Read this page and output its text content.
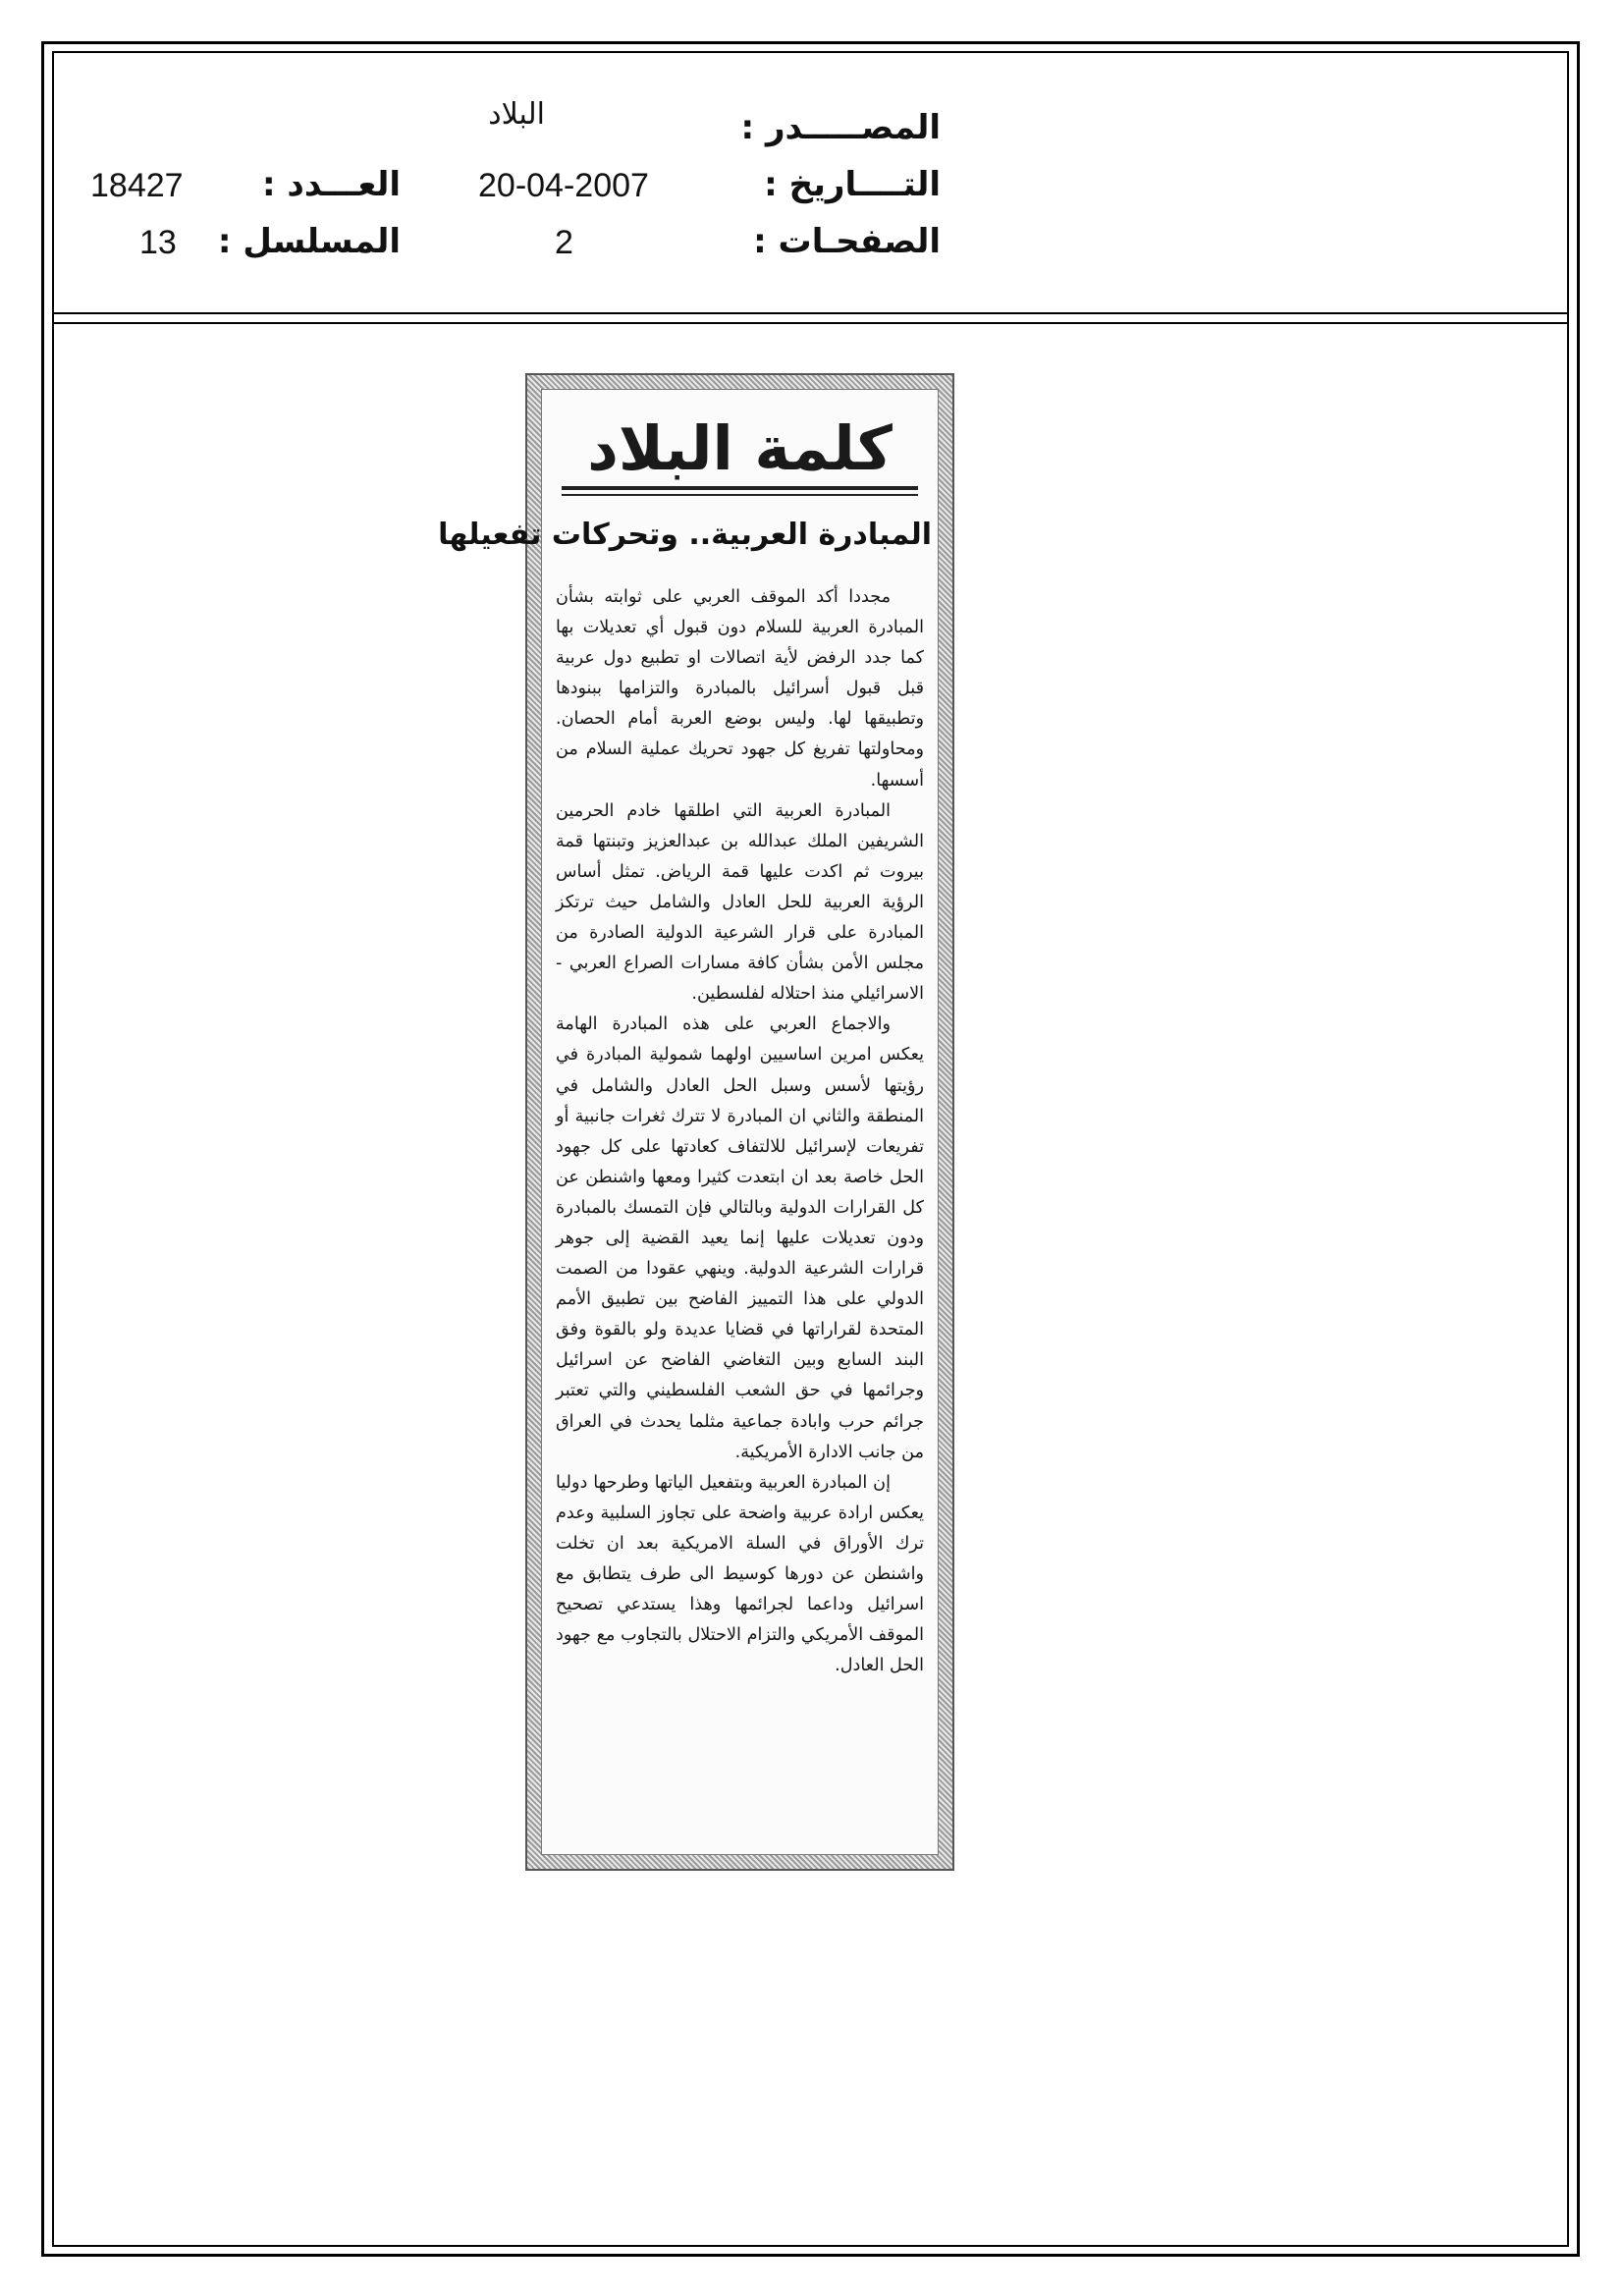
المصـــــدر :
البلاد
التــــاريخ :
20-04-2007
العـــدد :
18427
الصفحـات :
2
المسلسل :
13
كلمة البلاد
المبادرة العربية.. وتحركات تفعيلها

مجددا أكد الموقف العربي على ثوابته بشأن المبادرة العربية للسلام دون قبول أي تعديلات بها كما جدد الرفض لأية اتصالات او تطبيع دول عربية قبل قبول أسرائيل بالمبادرة والتزامها ببنودها وتطبيقها لها. وليس بوضع العربة أمام الحصان. ومحاولتها تفريغ كل جهود تحريك عملية السلام من أسسها.

المبادرة العربية التي اطلقها خادم الحرمين الشريفين الملك عبدالله بن عبدالعزيز وتبنتها قمة بيروت ثم اكدت عليها قمة الرياض. تمثل أساس الرؤية العربية للحل العادل والشامل حيث ترتكز المبادرة على قرار الشرعية الدولية الصادرة من مجلس الأمن بشأن كافة مسارات الصراع العربي - الاسرائيلي منذ احتلاله لفلسطين.

والاجماع العربي على هذه المبادرة الهامة يعكس امرين اساسيين اولهما شمولية المبادرة في رؤيتها لأسس وسبل الحل العادل والشامل في المنطقة والثاني ان المبادرة لا تترك ثغرات جانبية أو تفريعات لإسرائيل للالتفاف كعادتها على كل جهود الحل خاصة بعد ان ابتعدت كثيرا ومعها واشنطن عن كل القرارات الدولية وبالتالي فإن التمسك بالمبادرة ودون تعديلات عليها إنما يعيد القضية إلى جوهر قرارات الشرعية الدولية. وينهي عقودا من الصمت الدولي على هذا التمييز الفاضح بين تطبيق الأمم المتحدة لقراراتها في قضايا عديدة ولو بالقوة وفق البند السابع وبين التغاضي الفاضح عن اسرائيل وجرائمها في حق الشعب الفلسطيني والتي تعتبر جرائم حرب وابادة جماعية مثلما يحدث في العراق من جانب الادارة الأمريكية.

إن المبادرة العربية وبتفعيل الياتها وطرحها دوليا يعكس ارادة عربية واضحة على تجاوز السلبية وعدم ترك الأوراق في السلة الامريكية بعد ان تخلت واشنطن عن دورها كوسيط الى طرف يتطابق مع اسرائيل وداعما لجرائمها وهذا يستدعي تصحيح الموقف الأمريكي والتزام الاحتلال بالتجاوب مع جهود الحل العادل.
